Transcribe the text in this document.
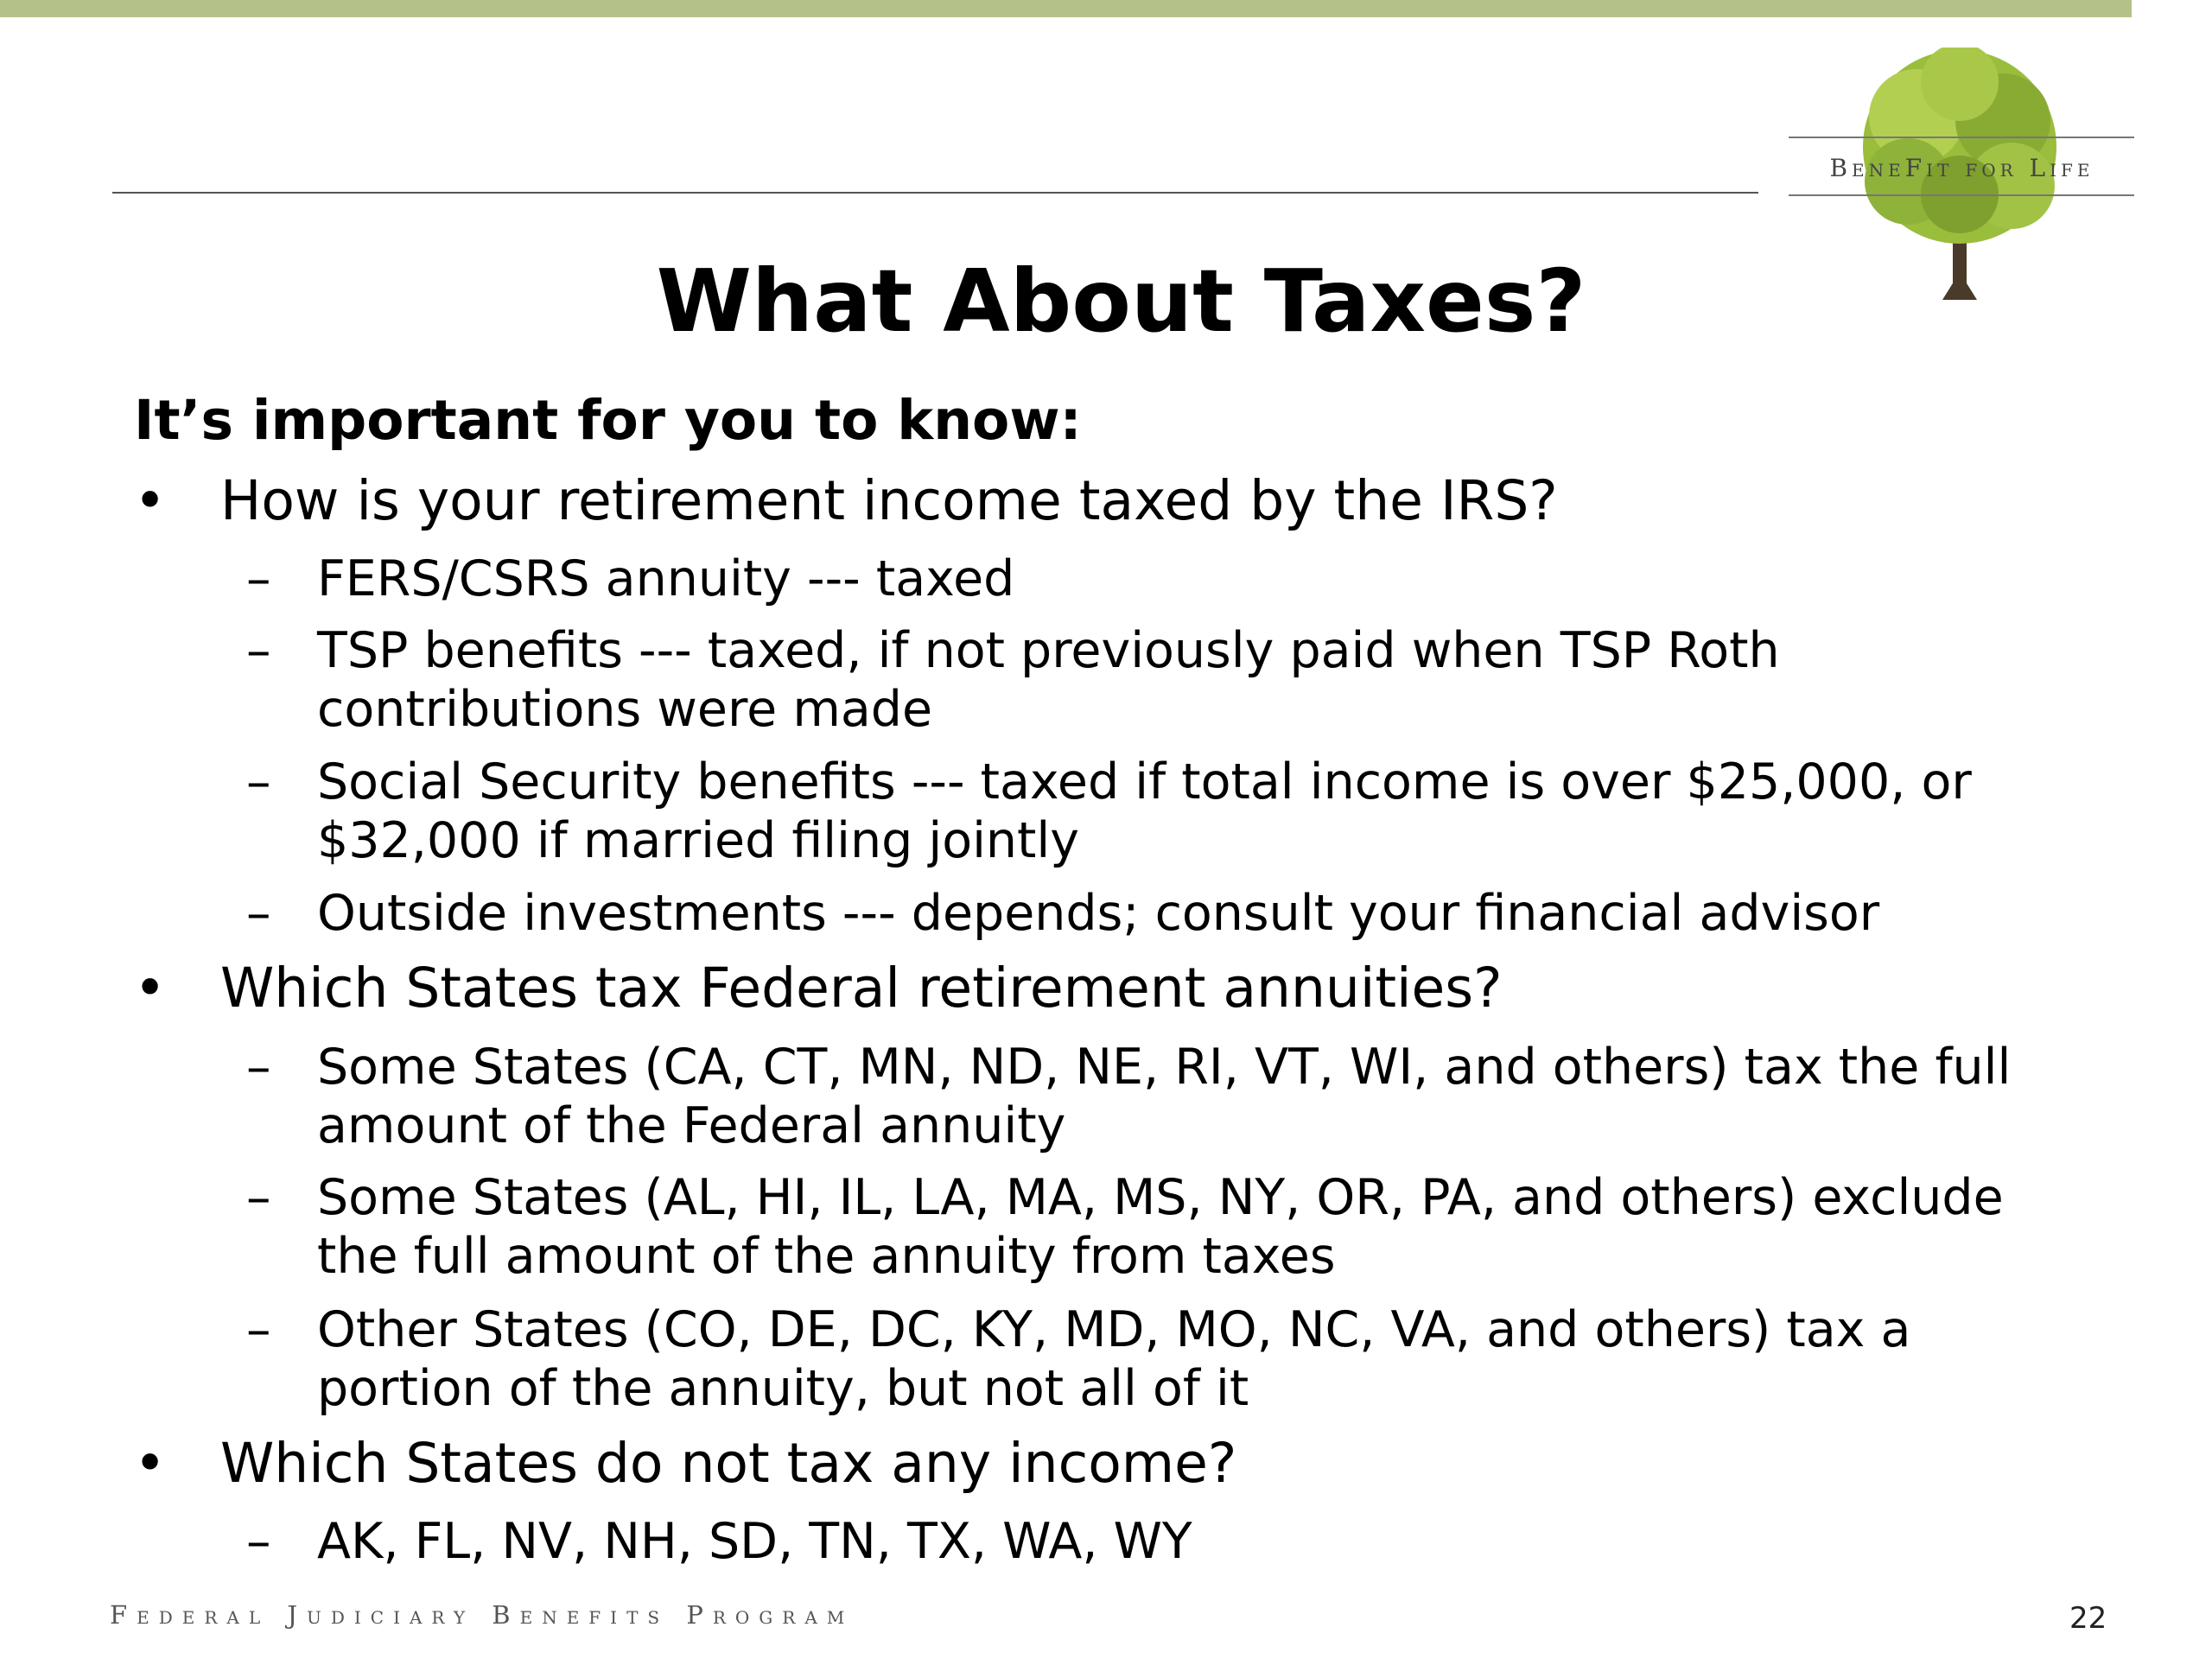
BeneFit for Life
What About Taxes?

It’s important for you to know:

• How is your retirement income taxed by the IRS?
– FERS/CSRS annuity --- taxed
– TSP benefits --- taxed, if not previously paid when TSP Roth
contributions were made
– Social Security benefits --- taxed if total income is over $25,000, or
$32,000 if married filing jointly
– Outside investments --- depends; consult your financial advisor
• Which States tax Federal retirement annuities?
– Some States (CA, CT, MN, ND, NE, RI, VT, WI, and others) tax the full
amount of the Federal annuity
– Some States (AL, HI, IL, LA, MA, MS, NY, OR, PA, and others) exclude
the full amount of the annuity from taxes
– Other States (CO, DE, DC, KY, MD, MO, NC, VA, and others) tax a
portion of the annuity, but not all of it
• Which States do not tax any income?
– AK, FL, NV, NH, SD, TN, TX, WA, WY
Federal Judiciary Benefits Program	22
